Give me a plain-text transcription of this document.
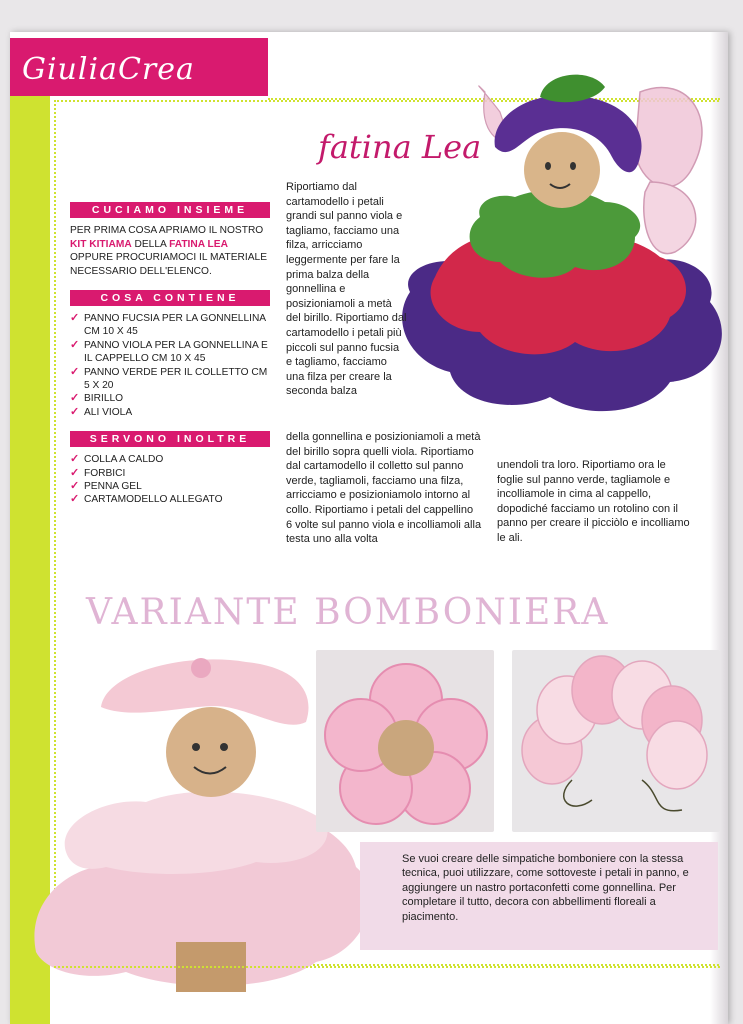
GiuliaCrea
fatina Lea
CUCIAMO INSIEME

PER PRIMA COSA APRIAMO IL NOSTRO KIT KITIAMA DELLA FATINA LEA OPPURE PROCURIAMOCI IL MATERIALE NECESSARIO DELL'ELENCO.

COSA CONTIENE
✓ PANNO FUCSIA PER LA GONNELLINA CM 10 X 45
✓ PANNO VIOLA PER LA GONNELLINA E IL CAPPELLO CM 10 X 45
✓ PANNO VERDE PER IL COLLETTO CM 5 X 20
✓ BIRILLO
✓ ALI VIOLA
SERVONO INOLTRE
✓ COLLA A CALDO
✓ FORBICI
✓ PENNA GEL
✓ CARTAMODELLO ALLEGATO
Riportiamo dal cartamodello i petali grandi sul panno viola e tagliamo, facciamo una filza, arricciamo leggermente per fare la prima balza della gonnellina e posizioniamoli a metà del birillo. Riportiamo dal cartamodello i petali più piccoli sul panno fucsia e tagliamo, facciamo una filza per creare la seconda balza
della gonnellina e posizioniamoli a metà del birillo sopra quelli viola. Riportiamo dal cartamodello il colletto sul panno verde, tagliamoli, facciamo una filza, arricciamo e posizioniamolo intorno al collo. Riportiamo i petali del cappellino 6 volte sul panno viola e incolliamoli alla testa uno alla volta
unendoli tra loro. Riportiamo ora le foglie sul panno verde, tagliamole e incolliamole in cima al cappello, dopodiché facciamo un rotolino con il panno per creare il picciòlo e incolliamo le ali.
VARIANTE BOMBONIERA
Se vuoi creare delle simpatiche bomboniere con la stessa tecnica, puoi utilizzare, come sottoveste i petali in panno, e aggiungere un nastro portaconfetti come gonnellina. Per completare il tutto, decora con abbellimenti floreali a piacimento.
